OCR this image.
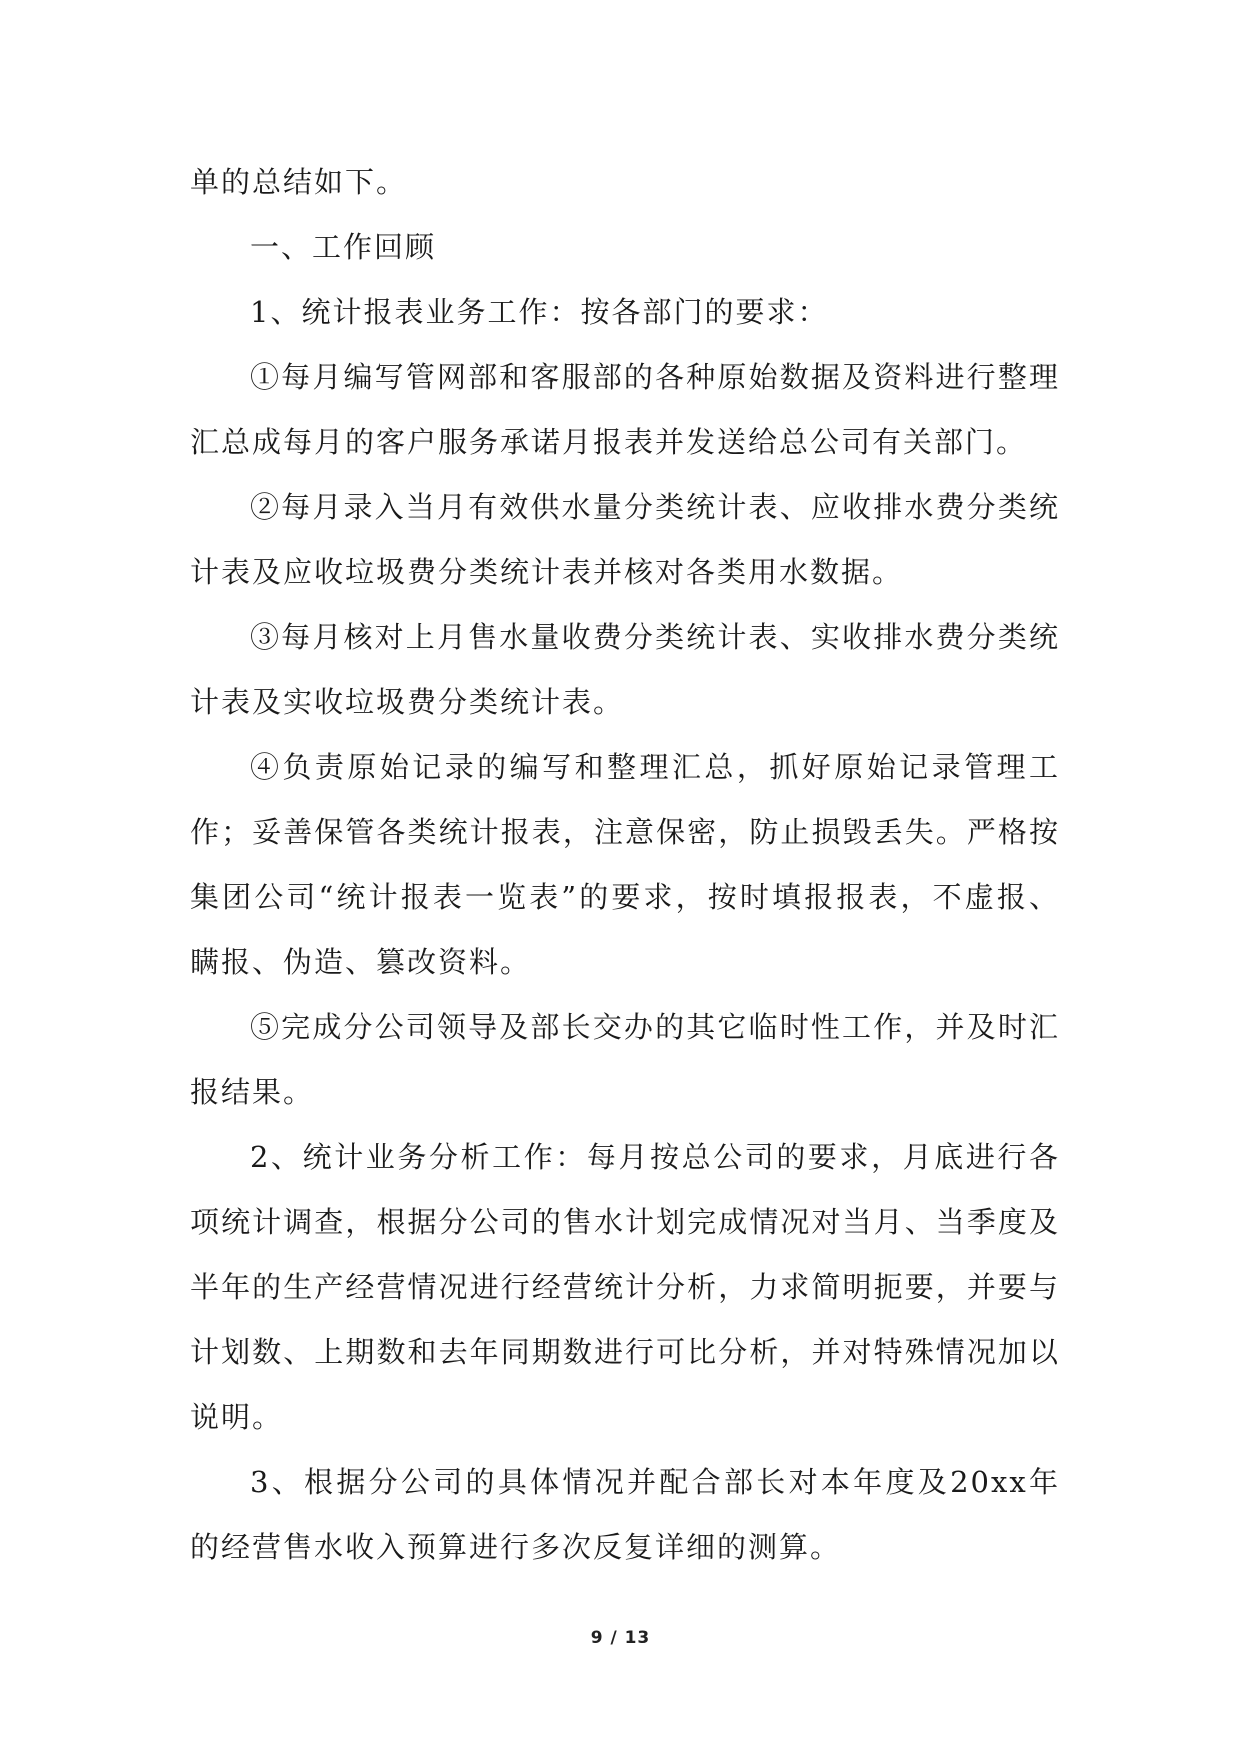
单的总结如下。

一、工作回顾

1、统计报表业务工作：按各部门的要求：

①每月编写管网部和客服部的各种原始数据及资料进行整理汇总成每月的客户服务承诺月报表并发送给总公司有关部门。

②每月录入当月有效供水量分类统计表、应收排水费分类统计表及应收垃圾费分类统计表并核对各类用水数据。

③每月核对上月售水量收费分类统计表、实收排水费分类统计表及实收垃圾费分类统计表。

④负责原始记录的编写和整理汇总，抓好原始记录管理工作；妥善保管各类统计报表，注意保密，防止损毁丢失。严格按集团公司“统计报表一览表”的要求，按时填报报表，不虚报、瞒报、伪造、篡改资料。

⑤完成分公司领导及部长交办的其它临时性工作，并及时汇报结果。

2、统计业务分析工作：每月按总公司的要求，月底进行各项统计调查，根据分公司的售水计划完成情况对当月、当季度及半年的生产经营情况进行经营统计分析，力求简明扼要，并要与计划数、上期数和去年同期数进行可比分析，并对特殊情况加以说明。

3、根据分公司的具体情况并配合部长对本年度及20xx年的经营售水收入预算进行多次反复详细的测算。

9 / 13
